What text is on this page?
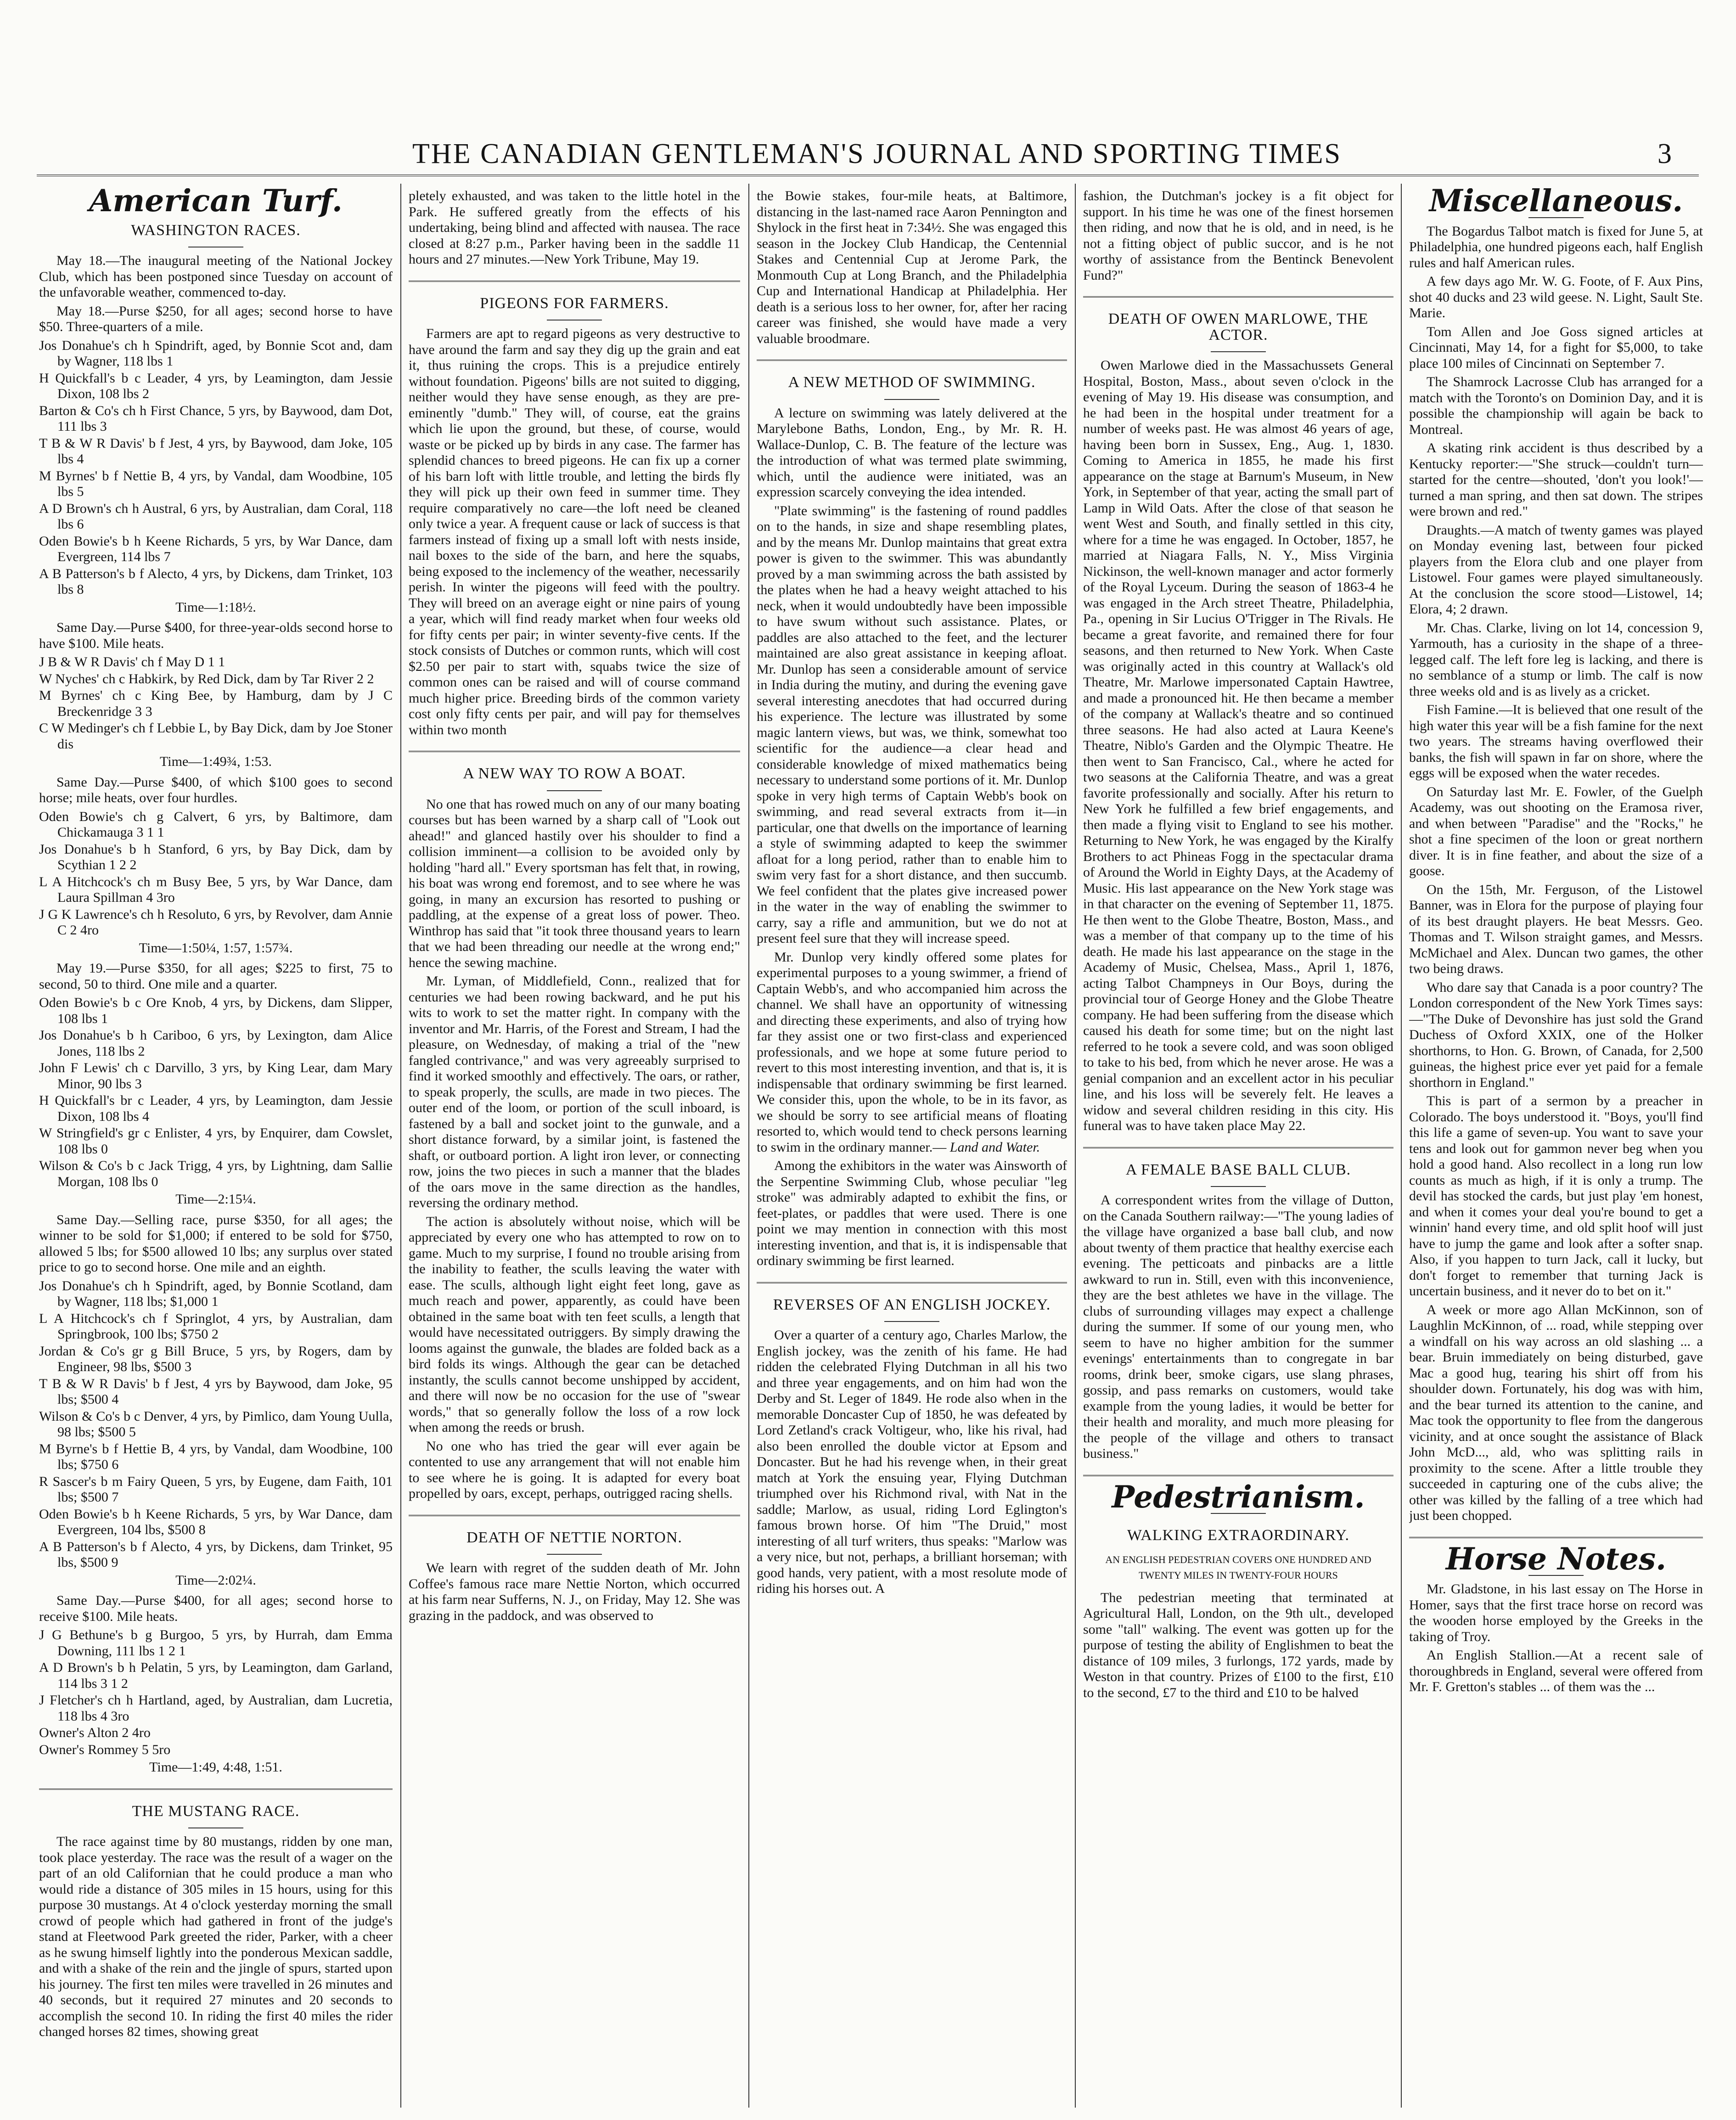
THE CANADIAN GENTLEMAN'S JOURNAL AND SPORTING TIMES	3
American Turf.
WASHINGTON RACES.

May 18.—The inaugural meeting of the National Jockey Club, which has been postponed since Tuesday on account of the unfavorable weather, commenced to-day.

May 18.—Purse $250, for all ages; second horse to have $50. Three-quarters of a mile.

Jos Donahue's ch h Spindrift, aged, by Bonnie Scot and, dam by Wagner, 118 lbs 1
H Quickfall's b c Leader, 4 yrs, by Leamington, dam Jessie Dixon, 108 lbs 2
Barton & Co's ch h First Chance, 5 yrs, by Baywood, dam Dot, 111 lbs 3
T B & W R Davis' b f Jest, 4 yrs, by Baywood, dam Joke, 105 lbs 4
M Byrnes' b f Nettie B, 4 yrs, by Vandal, dam Woodbine, 105 lbs 5
A D Brown's ch h Austral, 6 yrs, by Australian, dam Coral, 118 lbs 6
Oden Bowie's b h Keene Richards, 5 yrs, by War Dance, dam Evergreen, 114 lbs 7
A B Patterson's b f Alecto, 4 yrs, by Dickens, dam Trinket, 103 lbs 8
Time—1:18½.

Same Day.—Purse $400, for three-year-olds second horse to have $100. Mile heats.

J B & W R Davis' ch f May D 1 1
W Nyches' ch c Habkirk, by Red Dick, dam by Tar River 2 2
M Byrnes' ch c King Bee, by Hamburg, dam by J C Breckenridge 3 3
C W Medinger's ch f Lebbie L, by Bay Dick, dam by Joe Stoner dis
Time—1:49¾, 1:53.

Same Day.—Purse $400, of which $100 goes to second horse; mile heats, over four hurdles.

Oden Bowie's ch g Calvert, 6 yrs, by Baltimore, dam Chickamauga 3 1 1
Jos Donahue's b h Stanford, 6 yrs, by Bay Dick, dam by Scythian 1 2 2
L A Hitchcock's ch m Busy Bee, 5 yrs, by War Dance, dam Laura Spillman 4 3ro
J G K Lawrence's ch h Resoluto, 6 yrs, by Revolver, dam Annie C 2 4ro
Time—1:50¼, 1:57, 1:57¾.

May 19.—Purse $350, for all ages; $225 to first, 75 to second, 50 to third. One mile and a quarter.

Oden Bowie's b c Ore Knob, 4 yrs, by Dickens, dam Slipper, 108 lbs 1
Jos Donahue's b h Cariboo, 6 yrs, by Lexington, dam Alice Jones, 118 lbs 2
John F Lewis' ch c Darvillo, 3 yrs, by King Lear, dam Mary Minor, 90 lbs 3
H Quickfall's br c Leader, 4 yrs, by Leamington, dam Jessie Dixon, 108 lbs 4
W Stringfield's gr c Enlister, 4 yrs, by Enquirer, dam Cowslet, 108 lbs 0
Wilson & Co's b c Jack Trigg, 4 yrs, by Lightning, dam Sallie Morgan, 108 lbs 0
Time—2:15¼.

Same Day.—Selling race, purse $350, for all ages; the winner to be sold for $1,000; if entered to be sold for $750, allowed 5 lbs; for $500 allowed 10 lbs; any surplus over stated price to go to second horse. One mile and an eighth.

Jos Donahue's ch h Spindrift, aged, by Bonnie Scotland, dam by Wagner, 118 lbs; $1,000 1
L A Hitchcock's ch f Springlot, 4 yrs, by Australian, dam Springbrook, 100 lbs; $750 2
Jordan & Co's gr g Bill Bruce, 5 yrs, by Rogers, dam by Engineer, 98 lbs, $500 3
T B & W R Davis' b f Jest, 4 yrs by Baywood, dam Joke, 95 lbs; $500 4
Wilson & Co's b c Denver, 4 yrs, by Pimlico, dam Young Uulla, 98 lbs; $500 5
M Byrne's b f Hettie B, 4 yrs, by Vandal, dam Woodbine, 100 lbs; $750 6
R Sascer's b m Fairy Queen, 5 yrs, by Eugene, dam Faith, 101 lbs; $500 7
Oden Bowie's b h Keene Richards, 5 yrs, by War Dance, dam Evergreen, 104 lbs, $500 8
A B Patterson's b f Alecto, 4 yrs, by Dickens, dam Trinket, 95 lbs, $500 9
Time—2:02¼.

Same Day.—Purse $400, for all ages; second horse to receive $100. Mile heats.

J G Bethune's b g Burgoo, 5 yrs, by Hurrah, dam Emma Downing, 111 lbs 1 2 1
A D Brown's b h Pelatin, 5 yrs, by Leamington, dam Garland, 114 lbs 3 1 2
J Fletcher's ch h Hartland, aged, by Australian, dam Lucretia, 118 lbs 4 3ro
Owner's Alton 2 4ro
Owner's Rommey 5 5ro
Time—1:49, 4:48, 1:51.
THE MUSTANG RACE.

The race against time by 80 mustangs, ridden by one man, took place yesterday. The race was the result of a wager on the part of an old Californian that he could produce a man who would ride a distance of 305 miles in 15 hours, using for this purpose 30 mustangs. At 4 o'clock yesterday morning the small crowd of people which had gathered in front of the judge's stand at Fleetwood Park greeted the rider, Parker, with a cheer as he swung himself lightly into the ponderous Mexican saddle, and with a shake of the rein and the jingle of spurs, started upon his journey. The first ten miles were travelled in 26 minutes and 40 seconds, but it required 27 minutes and 20 seconds to accomplish the second 10. In riding the first 40 miles the rider changed horses 82 times, showing great

pletely exhausted, and was taken to the little hotel in the Park. He suffered greatly from the effects of his undertaking, being blind and affected with nausea. The race closed at 8:27 p.m., Parker having been in the saddle 11 hours and 27 minutes.—New York Tribune, May 19.

PIGEONS FOR FARMERS.

Farmers are apt to regard pigeons as very destructive to have around the farm and say they dig up the grain and eat it, thus ruining the crops. This is a prejudice entirely without foundation. Pigeons' bills are not suited to digging, neither would they have sense enough, as they are pre-eminently "dumb." They will, of course, eat the grains which lie upon the ground, but these, of course, would waste or be picked up by birds in any case. The farmer has splendid chances to breed pigeons. He can fix up a corner of his barn loft with little trouble, and letting the birds fly they will pick up their own feed in summer time. They require comparatively no care—the loft need be cleaned only twice a year. A frequent cause or lack of success is that farmers instead of fixing up a small loft with nests inside, nail boxes to the side of the barn, and here the squabs, being exposed to the inclemency of the weather, necessarily perish. In winter the pigeons will feed with the poultry. They will breed on an average eight or nine pairs of young a year, which will find ready market when four weeks old for fifty cents per pair; in winter seventy-five cents. If the stock consists of Dutches or common runts, which will cost $2.50 per pair to start with, squabs twice the size of common ones can be raised and will of course command much higher price. Breeding birds of the common variety cost only fifty cents per pair, and will pay for themselves within two month

A NEW WAY TO ROW A BOAT.

No one that has rowed much on any of our many boating courses but has been warned by a sharp call of "Look out ahead!" and glanced hastily over his shoulder to find a collision imminent—a collision to be avoided only by holding "hard all." Every sportsman has felt that, in rowing, his boat was wrong end foremost, and to see where he was going, in many an excursion has resorted to pushing or paddling, at the expense of a great loss of power. Theo. Winthrop has said that "it took three thousand years to learn that we had been threading our needle at the wrong end;" hence the sewing machine.

Mr. Lyman, of Middlefield, Conn., realized that for centuries we had been rowing backward, and he put his wits to work to set the matter right. In company with the inventor and Mr. Harris, of the Forest and Stream, I had the pleasure, on Wednesday, of making a trial of the "new fangled contrivance," and was very agreeably surprised to find it worked smoothly and effectively. The oars, or rather, to speak properly, the sculls, are made in two pieces. The outer end of the loom, or portion of the scull inboard, is fastened by a ball and socket joint to the gunwale, and a short distance forward, by a similar joint, is fastened the shaft, or outboard portion. A light iron lever, or connecting row, joins the two pieces in such a manner that the blades of the oars move in the same direction as the handles, reversing the ordinary method.

The action is absolutely without noise, which will be appreciated by every one who has attempted to row on to game. Much to my surprise, I found no trouble arising from the inability to feather, the sculls leaving the water with ease. The sculls, although light eight feet long, gave as much reach and power, apparently, as could have been obtained in the same boat with ten feet sculls, a length that would have necessitated outriggers. By simply drawing the looms against the gunwale, the blades are folded back as a bird folds its wings. Although the gear can be detached instantly, the sculls cannot become unshipped by accident, and there will now be no occasion for the use of "swear words," that so generally follow the loss of a row lock when among the reeds or brush.

No one who has tried the gear will ever again be contented to use any arrangement that will not enable him to see where he is going. It is adapted for every boat propelled by oars, except, perhaps, outrigged racing shells.

DEATH OF NETTIE NORTON.

We learn with regret of the sudden death of Mr. John Coffee's famous race mare Nettie Norton, which occurred at his farm near Sufferns, N. J., on Friday, May 12. She was grazing in the paddock, and was observed to

the Bowie stakes, four-mile heats, at Baltimore, distancing in the last-named race Aaron Pennington and Shylock in the first heat in 7:34½. She was engaged this season in the Jockey Club Handicap, the Centennial Stakes and Centennial Cup at Jerome Park, the Monmouth Cup at Long Branch, and the Philadelphia Cup and International Handicap at Philadelphia. Her death is a serious loss to her owner, for, after her racing career was finished, she would have made a very valuable broodmare.

A NEW METHOD OF SWIMMING.

A lecture on swimming was lately delivered at the Marylebone Baths, London, Eng., by Mr. R. H. Wallace-Dunlop, C. B. The feature of the lecture was the introduction of what was termed plate swimming, which, until the audience were initiated, was an expression scarcely conveying the idea intended.

"Plate swimming" is the fastening of round paddles on to the hands, in size and shape resembling plates, and by the means Mr. Dunlop maintains that great extra power is given to the swimmer. This was abundantly proved by a man swimming across the bath assisted by the plates when he had a heavy weight attached to his neck, when it would undoubtedly have been impossible to have swum without such assistance. Plates, or paddles are also attached to the feet, and the lecturer maintained are also great assistance in keeping afloat. Mr. Dunlop has seen a considerable amount of service in India during the mutiny, and during the evening gave several interesting anecdotes that had occurred during his experience. The lecture was illustrated by some magic lantern views, but was, we think, somewhat too scientific for the audience—a clear head and considerable knowledge of mixed mathematics being necessary to understand some portions of it. Mr. Dunlop spoke in very high terms of Captain Webb's book on swimming, and read several extracts from it—in particular, one that dwells on the importance of learning a style of swimming adapted to keep the swimmer afloat for a long period, rather than to enable him to swim very fast for a short distance, and then succumb. We feel confident that the plates give increased power in the water in the way of enabling the swimmer to carry, say a rifle and ammunition, but we do not at present feel sure that they will increase speed.

Mr. Dunlop very kindly offered some plates for experimental purposes to a young swimmer, a friend of Captain Webb's, and who accompanied him across the channel. We shall have an opportunity of witnessing and directing these experiments, and also of trying how far they assist one or two first-class and experienced professionals, and we hope at some future period to revert to this most interesting invention, and that is, it is indispensable that ordinary swimming be first learned. We consider this, upon the whole, to be in its favor, as we should be sorry to see artificial means of floating resorted to, which would tend to check persons learning to swim in the ordinary manner.— Land and Water.

Among the exhibitors in the water was Ainsworth of the Serpentine Swimming Club, whose peculiar "leg stroke" was admirably adapted to exhibit the fins, or feet-plates, or paddles that were used. There is one point we may mention in connection with this most interesting invention, and that is, it is indispensable that ordinary swimming be first learned.

REVERSES OF AN ENGLISH JOCKEY.

Over a quarter of a century ago, Charles Marlow, the English jockey, was the zenith of his fame. He had ridden the celebrated Flying Dutchman in all his two and three year engagements, and on him had won the Derby and St. Leger of 1849. He rode also when in the memorable Doncaster Cup of 1850, he was defeated by Lord Zetland's crack Voltigeur, who, like his rival, had also been enrolled the double victor at Epsom and Doncaster. But he had his revenge when, in their great match at York the ensuing year, Flying Dutchman triumphed over his Richmond rival, with Nat in the saddle; Marlow, as usual, riding Lord Eglington's famous brown horse. Of him "The Druid," most interesting of all turf writers, thus speaks: "Marlow was a very nice, but not, perhaps, a brilliant horseman; with good hands, very patient, with a most resolute mode of riding his horses out. A

fashion, the Dutchman's jockey is a fit object for support. In his time he was one of the finest horsemen then riding, and now that he is old, and in need, is he not a fitting object of public succor, and is he not worthy of assistance from the Bentinck Benevolent Fund?"

DEATH OF OWEN MARLOWE, THE ACTOR.

Owen Marlowe died in the Massachussets General Hospital, Boston, Mass., about seven o'clock in the evening of May 19. His disease was consumption, and he had been in the hospital under treatment for a number of weeks past. He was almost 46 years of age, having been born in Sussex, Eng., Aug. 1, 1830. Coming to America in 1855, he made his first appearance on the stage at Barnum's Museum, in New York, in September of that year, acting the small part of Lamp in Wild Oats. After the close of that season he went West and South, and finally settled in this city, where for a time he was engaged. In October, 1857, he married at Niagara Falls, N. Y., Miss Virginia Nickinson, the well-known manager and actor formerly of the Royal Lyceum. During the season of 1863-4 he was engaged in the Arch street Theatre, Philadelphia, Pa., opening in Sir Lucius O'Trigger in The Rivals. He became a great favorite, and remained there for four seasons, and then returned to New York. When Caste was originally acted in this country at Wallack's old Theatre, Mr. Marlowe impersonated Captain Hawtree, and made a pronounced hit. He then became a member of the company at Wallack's theatre and so continued three seasons. He had also acted at Laura Keene's Theatre, Niblo's Garden and the Olympic Theatre. He then went to San Francisco, Cal., where he acted for two seasons at the California Theatre, and was a great favorite professionally and socially. After his return to New York he fulfilled a few brief engagements, and then made a flying visit to England to see his mother. Returning to New York, he was engaged by the Kiralfy Brothers to act Phineas Fogg in the spectacular drama of Around the World in Eighty Days, at the Academy of Music. His last appearance on the New York stage was in that character on the evening of September 11, 1875. He then went to the Globe Theatre, Boston, Mass., and was a member of that company up to the time of his death. He made his last appearance on the stage in the Academy of Music, Chelsea, Mass., April 1, 1876, acting Talbot Champneys in Our Boys, during the provincial tour of George Honey and the Globe Theatre company. He had been suffering from the disease which caused his death for some time; but on the night last referred to he took a severe cold, and was soon obliged to take to his bed, from which he never arose. He was a genial companion and an excellent actor in his peculiar line, and his loss will be severely felt. He leaves a widow and several children residing in this city. His funeral was to have taken place May 22.

A FEMALE BASE BALL CLUB.

A correspondent writes from the village of Dutton, on the Canada Southern railway:—"The young ladies of the village have organized a base ball club, and now about twenty of them practice that healthy exercise each evening. The petticoats and pinbacks are a little awkward to run in. Still, even with this inconvenience, they are the best athletes we have in the village. The clubs of surrounding villages may expect a challenge during the summer. If some of our young men, who seem to have no higher ambition for the summer evenings' entertainments than to congregate in bar rooms, drink beer, smoke cigars, use slang phrases, gossip, and pass remarks on customers, would take example from the young ladies, it would be better for their health and morality, and much more pleasing for the people of the village and others to transact business."

Pedestrianism.
WALKING EXTRAORDINARY.
AN ENGLISH PEDESTRIAN COVERS ONE HUNDRED AND TWENTY MILES IN TWENTY-FOUR HOURS

The pedestrian meeting that terminated at Agricultural Hall, London, on the 9th ult., developed some "tall" walking. The event was gotten up for the purpose of testing the ability of Englishmen to beat the distance of 109 miles, 3 furlongs, 172 yards, made by Weston in that country. Prizes of £100 to the first, £10 to the second, £7 to the third and £10 to be halved

Miscellaneous.

The Bogardus Talbot match is fixed for June 5, at Philadelphia, one hundred pigeons each, half English rules and half American rules.

A few days ago Mr. W. G. Foote, of F. Aux Pins, shot 40 ducks and 23 wild geese. N. Light, Sault Ste. Marie.

Tom Allen and Joe Goss signed articles at Cincinnati, May 14, for a fight for $5,000, to take place 100 miles of Cincinnati on September 7.

The Shamrock Lacrosse Club has arranged for a match with the Toronto's on Dominion Day, and it is possible the championship will again be back to Montreal.

A skating rink accident is thus described by a Kentucky reporter:—"She struck—couldn't turn—started for the centre—shouted, 'don't you look!'—turned a man spring, and then sat down. The stripes were brown and red."

Draughts.—A match of twenty games was played on Monday evening last, between four picked players from the Elora club and one player from Listowel. Four games were played simultaneously. At the conclusion the score stood—Listowel, 14; Elora, 4; 2 drawn.

Mr. Chas. Clarke, living on lot 14, concession 9, Yarmouth, has a curiosity in the shape of a three-legged calf. The left fore leg is lacking, and there is no semblance of a stump or limb. The calf is now three weeks old and is as lively as a cricket.

Fish Famine.—It is believed that one result of the high water this year will be a fish famine for the next two years. The streams having overflowed their banks, the fish will spawn in far on shore, where the eggs will be exposed when the water recedes.

On Saturday last Mr. E. Fowler, of the Guelph Academy, was out shooting on the Eramosa river, and when between "Paradise" and the "Rocks," he shot a fine specimen of the loon or great northern diver. It is in fine feather, and about the size of a goose.

On the 15th, Mr. Ferguson, of the Listowel Banner, was in Elora for the purpose of playing four of its best draught players. He beat Messrs. Geo. Thomas and T. Wilson straight games, and Messrs. McMichael and Alex. Duncan two games, the other two being draws.

Who dare say that Canada is a poor country? The London correspondent of the New York Times says:—"The Duke of Devonshire has just sold the Grand Duchess of Oxford XXIX, one of the Holker shorthorns, to Hon. G. Brown, of Canada, for 2,500 guineas, the highest price ever yet paid for a female shorthorn in England."

This is part of a sermon by a preacher in Colorado. The boys understood it. "Boys, you'll find this life a game of seven-up. You want to save your tens and look out for gammon never beg when you hold a good hand. Also recollect in a long run low counts as much as high, if it is only a trump. The devil has stocked the cards, but just play 'em honest, and when it comes your deal you're bound to get a winnin' hand every time, and old split hoof will just have to jump the game and look after a softer snap. Also, if you happen to turn Jack, call it lucky, but don't forget to remember that turning Jack is uncertain business, and it never do to bet on it."

A week or more ago Allan McKinnon, son of Laughlin McKinnon, of ... road, while stepping over a windfall on his way across an old slashing ... a bear. Bruin immediately on being disturbed, gave Mac a good hug, tearing his shirt off from his shoulder down. Fortunately, his dog was with him, and the bear turned its attention to the canine, and Mac took the opportunity to flee from the dangerous vicinity, and at once sought the assistance of Black John McD..., ald, who was splitting rails in proximity to the scene. After a little trouble they succeeded in capturing one of the cubs alive; the other was killed by the falling of a tree which had just been chopped.

Horse Notes.

Mr. Gladstone, in his last essay on The Horse in Homer, says that the first trace horse on record was the wooden horse employed by the Greeks in the taking of Troy.

An English Stallion.—At a recent sale of thoroughbreds in England, several were offered from Mr. F. Gretton's stables ... of them was the ...
